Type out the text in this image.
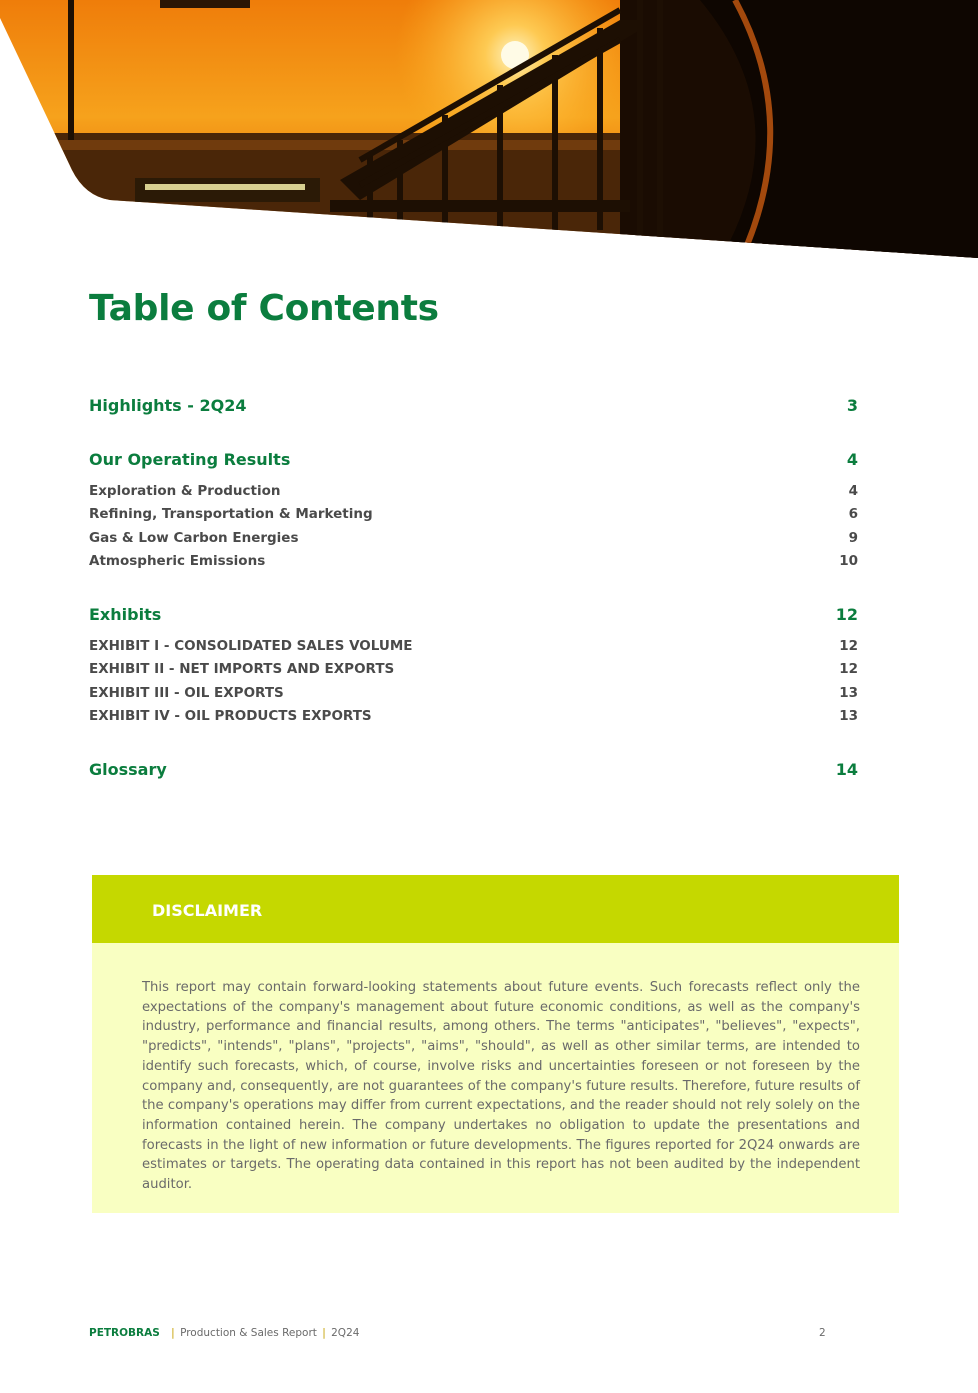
Table of Contents
Highlights - 2Q24	3
Our Operating Results	4
Exploration & Production	4
Refining, Transportation & Marketing	6
Gas & Low Carbon Energies	9
Atmospheric Emissions	10
Exhibits	12
EXHIBIT I - CONSOLIDATED SALES VOLUME	12
EXHIBIT II - NET IMPORTS AND EXPORTS	12
EXHIBIT III - OIL EXPORTS	13
EXHIBIT IV - OIL PRODUCTS EXPORTS	13
Glossary	14
DISCLAIMER

This report may contain forward-looking statements about future events. Such forecasts reflect only the expectations of the company's management about future economic conditions, as well as the company's industry, performance and financial results, among others. The terms "anticipates", "believes", "expects", "predicts", "intends", "plans", "projects", "aims", "should", as well as other similar terms, are intended to identify such forecasts, which, of course, involve risks and uncertainties foreseen or not foreseen by the company and, consequently, are not guarantees of the company's future results. Therefore, future results of the company's operations may differ from current expectations, and the reader should not rely solely on the information contained herein. The company undertakes no obligation to update the presentations and forecasts in the light of new information or future developments. The figures reported for 2Q24 onwards are estimates or targets. The operating data contained in this report has not been audited by the independent auditor.

PETROBRAS | Production & Sales Report | 2Q24	2
